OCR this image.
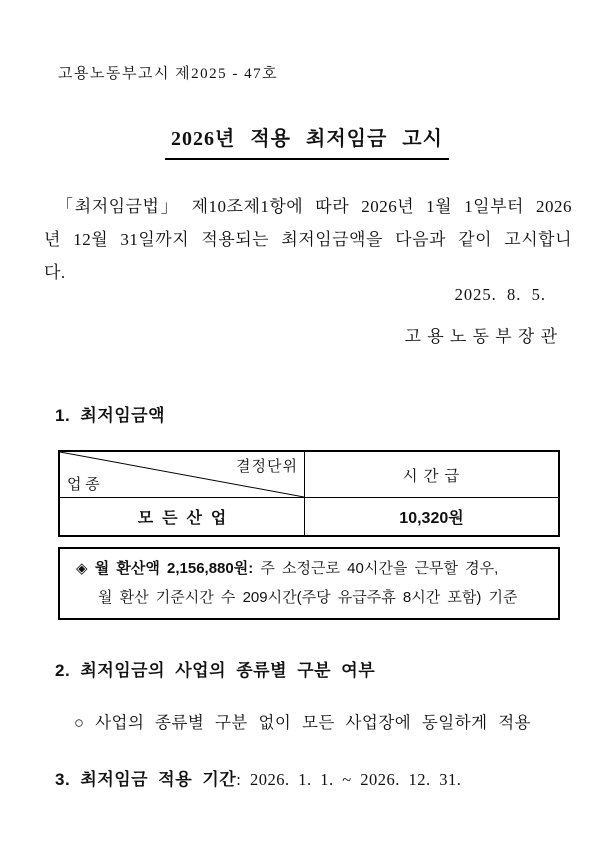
고용노동부고시 제2025 - 47호
2026년 적용 최저임금 고시
「최저임금법」 제10조제1항에 따라 2026년 1월 1일부터 2026년 12월 31일까지 적용되는 최저임금액을 다음과 같이 고시합니다.
2025.  8.  5.
고 용 노 동 부 장 관
1. 최저임금액
결정단위
업 종
시 간 급
모  든  산  업	10,320원
◈ 월 환산액 2,156,880원: 주 소정근로 40시간을 근무할 경우,
월 환산 기준시간 수 209시간(주당 유급주휴 8시간 포함) 기준
2. 최저임금의 사업의 종류별 구분 여부
○ 사업의 종류별 구분 없이 모든 사업장에 동일하게 적용
3. 최저임금 적용 기간: 2026. 1. 1. ~ 2026. 12. 31.
